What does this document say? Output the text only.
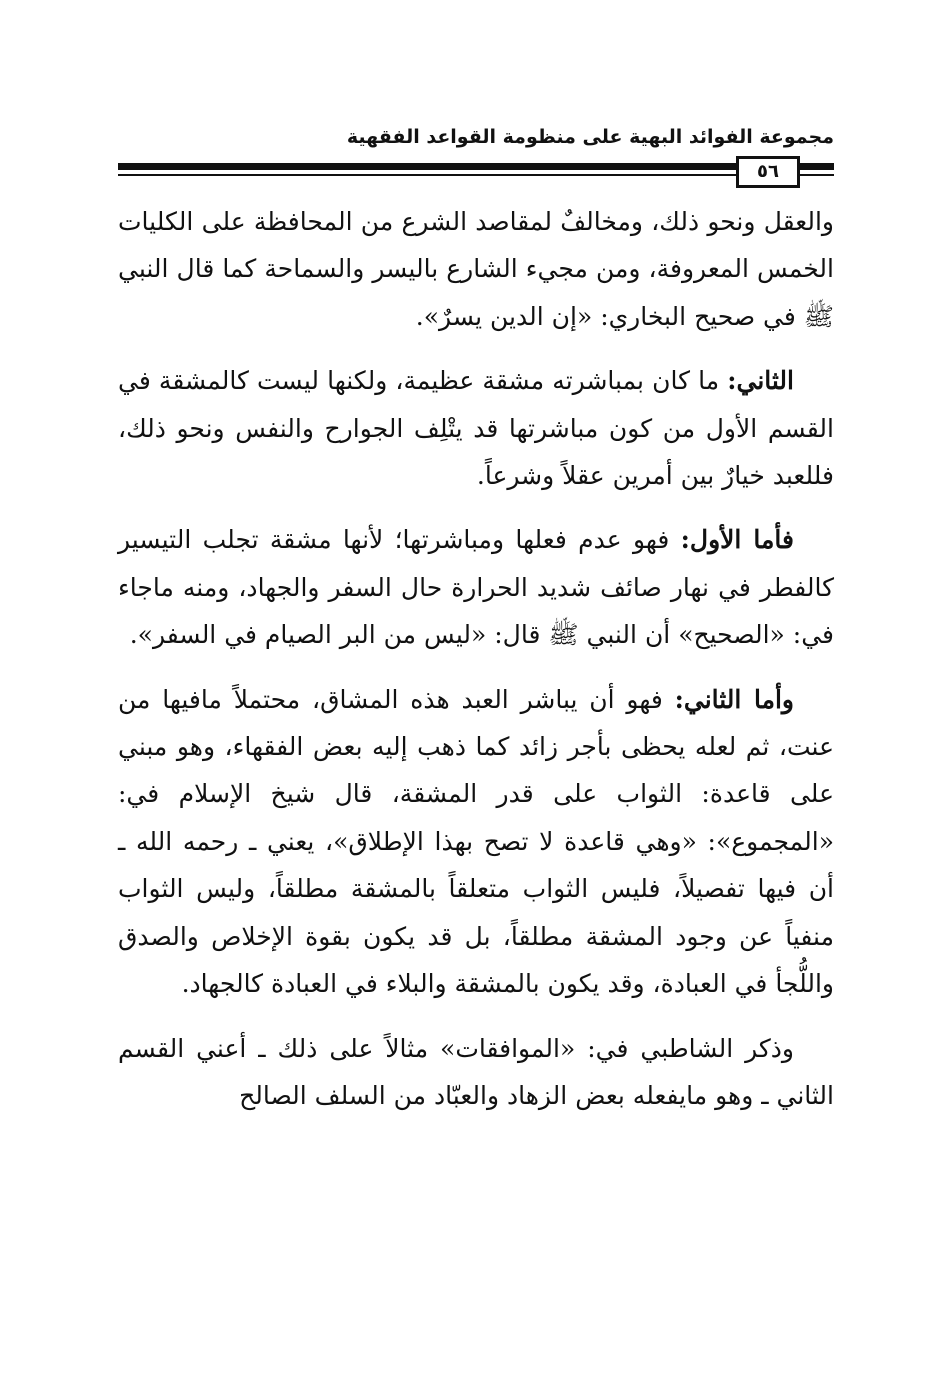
مجموعة الفوائد البهية على منظومة القواعد الفقهية
٥٦

والعقل ونحو ذلك، ومخالفٌ لمقاصد الشرع من المحافظة على الكليات الخمس المعروفة، ومن مجيء الشارع باليسر والسماحة كما قال النبي ﷺ في صحيح البخاري: «إن الدين يسرٌ».

الثاني: ما كان بمباشرته مشقة عظيمة، ولكنها ليست كالمشقة في القسم الأول من كون مباشرتها قد يتْلِف الجوارح والنفس ونحو ذلك، فللعبد خيارٌ بين أمرين عقلاً وشرعاً.

فأما الأول: فهو عدم فعلها ومباشرتها؛ لأنها مشقة تجلب التيسير كالفطر في نهار صائف شديد الحرارة حال السفر والجهاد، ومنه ماجاء في: «الصحيح» أن النبي ﷺ قال: «ليس من البر الصيام في السفر».

وأما الثاني: فهو أن يباشر العبد هذه المشاق، محتملاً مافيها من عنت، ثم لعله يحظى بأجر زائد كما ذهب إليه بعض الفقهاء، وهو مبني على قاعدة: الثواب على قدر المشقة، قال شيخ الإسلام في: «المجموع»: «وهي قاعدة لا تصح بهذا الإطلاق»، يعني ـ رحمه الله ـ أن فيها تفصيلاً، فليس الثواب متعلقاً بالمشقة مطلقاً، وليس الثواب منفياً عن وجود المشقة مطلقاً، بل قد يكون بقوة الإخلاص والصدق واللُّجأ في العبادة، وقد يكون بالمشقة والبلاء في العبادة كالجهاد.

وذكر الشاطبي في: «الموافقات» مثالاً على ذلك ـ أعني القسم الثاني ـ وهو مايفعله بعض الزهاد والعبّاد من السلف الصالح
